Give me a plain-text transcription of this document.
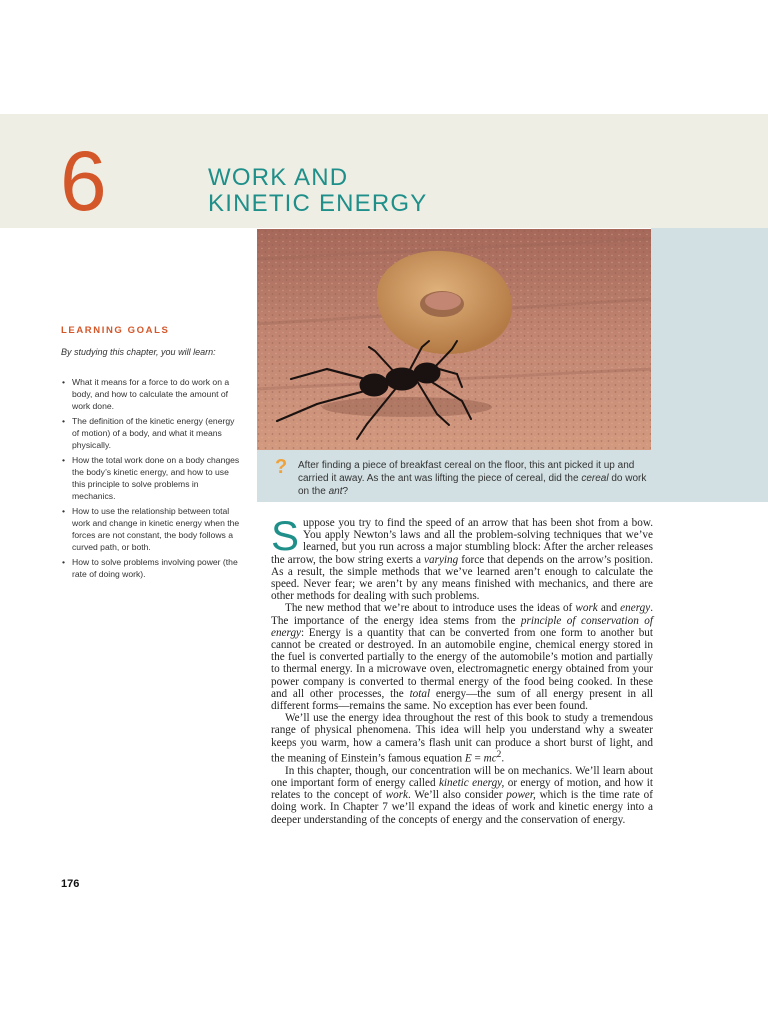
6	WORK AND
KINETIC ENERGY
? After finding a piece of breakfast cereal on the floor, this ant picked it up and carried it away. As the ant was lifting the piece of cereal, did the cereal do work on the ant?
LEARNING GOALS
By studying this chapter, you will learn:
• What it means for a force to do work on a body, and how to calculate the amount of work done.
• The definition of the kinetic energy (energy of motion) of a body, and what it means physically.
• How the total work done on a body changes the body’s kinetic energy, and how to use this principle to solve problems in mechanics.
• How to use the relationship between total work and change in kinetic energy when the forces are not constant, the body follows a curved path, or both.
• How to solve problems involving power (the rate of doing work).

Suppose you try to find the speed of an arrow that has been shot from a bow. You apply Newton’s laws and all the problem-solving techniques that we’ve learned, but you run across a major stumbling block: After the archer releases the arrow, the bow string exerts a varying force that depends on the arrow’s position. As a result, the simple methods that we’ve learned aren’t enough to calculate the speed. Never fear; we aren’t by any means finished with mechanics, and there are other methods for dealing with such problems.

The new method that we’re about to introduce uses the ideas of work and energy. The importance of the energy idea stems from the principle of conservation of energy: Energy is a quantity that can be converted from one form to another but cannot be created or destroyed. In an automobile engine, chemical energy stored in the fuel is converted partially to the energy of the automobile’s motion and partially to thermal energy. In a microwave oven, electromagnetic energy obtained from your power company is converted to thermal energy of the food being cooked. In these and all other processes, the total energy—the sum of all energy present in all different forms—remains the same. No exception has ever been found.

We’ll use the energy idea throughout the rest of this book to study a tremendous range of physical phenomena. This idea will help you understand why a sweater keeps you warm, how a camera’s flash unit can produce a short burst of light, and the meaning of Einstein’s famous equation $E = mc^2$.

In this chapter, though, our concentration will be on mechanics. We’ll learn about one important form of energy called kinetic energy, or energy of motion, and how it relates to the concept of work. We’ll also consider power, which is the time rate of doing work. In Chapter 7 we’ll expand the ideas of work and kinetic energy into a deeper understanding of the concepts of energy and the conservation of energy.

176
